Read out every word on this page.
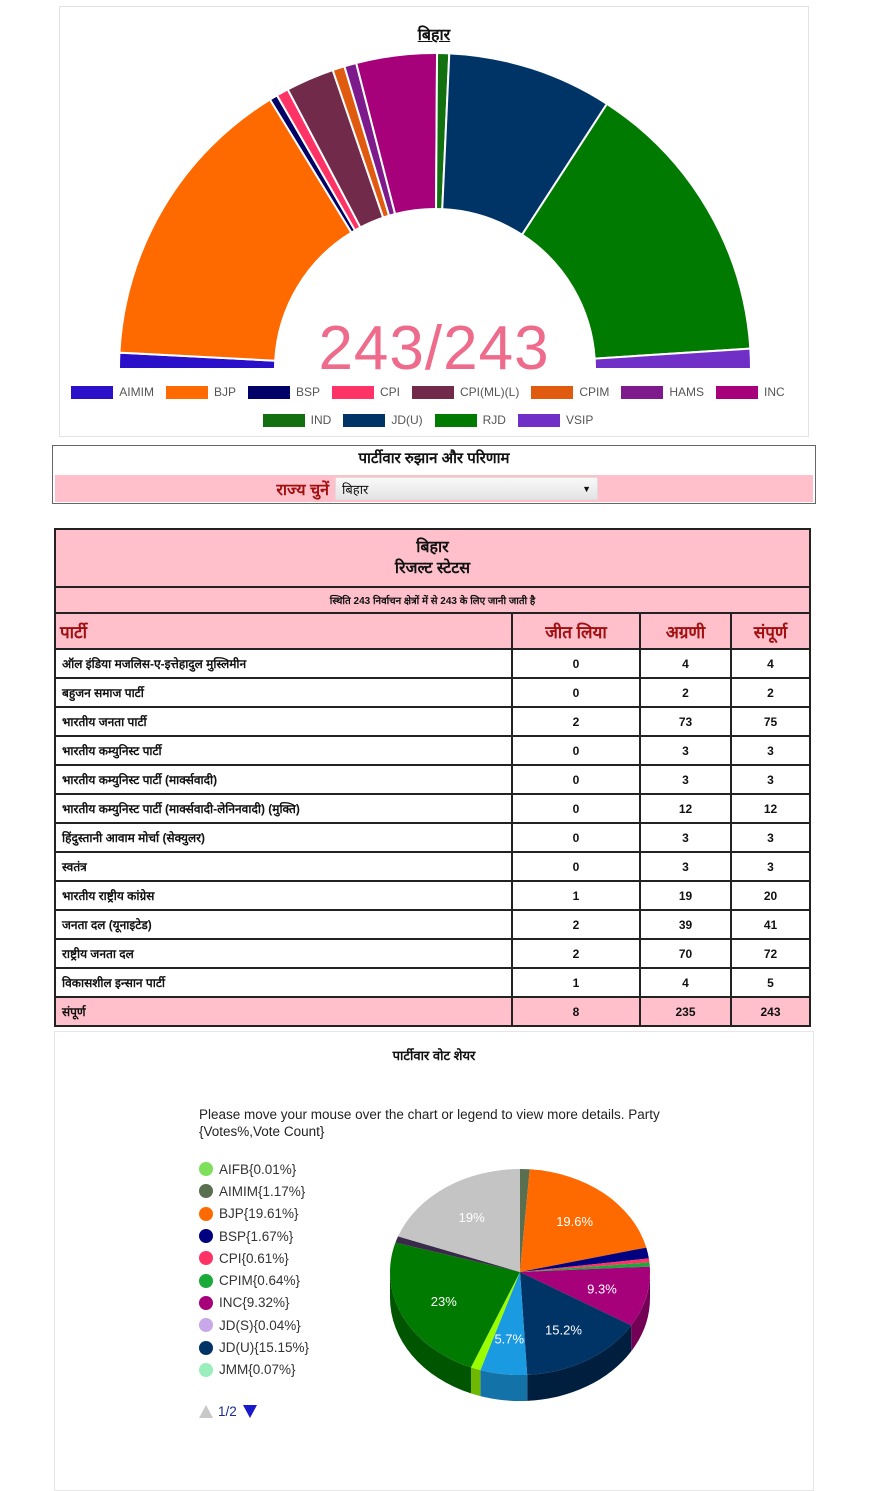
बिहार
243/243
AIMIM	BJP	BSP	CPI	CPI(ML)(L)	CPIM	HAMS	INC
IND	JD(U)	RJD	VSIP
पार्टीवार रुझान और परिणाम
राज्य चुनें	बिहार	▼
बिहार
रिजल्ट स्टेटस			

स्थिति 243 निर्वाचन क्षेत्रों में से 243 के लिए जानी जाती है			
पार्टी	जीत लिया	अग्रणी	संपूर्ण
ऑल इंडिया मजलिस-ए-इत्तेहादुल मुस्लिमीन	0	4	4
बहुजन समाज पार्टी	0	2	2
भारतीय जनता पार्टी	2	73	75
भारतीय कम्युनिस्ट पार्टी	0	3	3
भारतीय कम्युनिस्ट पार्टी (मार्क्सवादी)	0	3	3
भारतीय कम्युनिस्ट पार्टी (मार्क्सवादी-लेनिनवादी) (मुक्ति)	0	12	12
हिंदुस्तानी आवाम मोर्चा (सेक्युलर)	0	3	3
स्वतंत्र	0	3	3
भारतीय राष्ट्रीय कांग्रेस	1	19	20
जनता दल (यूनाइटेड)	2	39	41
राष्ट्रीय जनता दल	2	70	72
विकासशील इन्सान पार्टी	1	4	5
संपूर्ण	8	235	243
पार्टीवार वोट शेयर
Please move your mouse over the chart or legend to view more details. Party {Votes%,Vote Count}
AIFB{0.01%}
AIMIM{1.17%}
BJP{19.61%}
BSP{1.67%}
CPI{0.61%}
CPIM{0.64%}
INC{9.32%}
JD(S){0.04%}
JD(U){15.15%}
JMM{0.07%}
1/2
19.6%
9.3%
15.2%
5.7%
23%
19%
